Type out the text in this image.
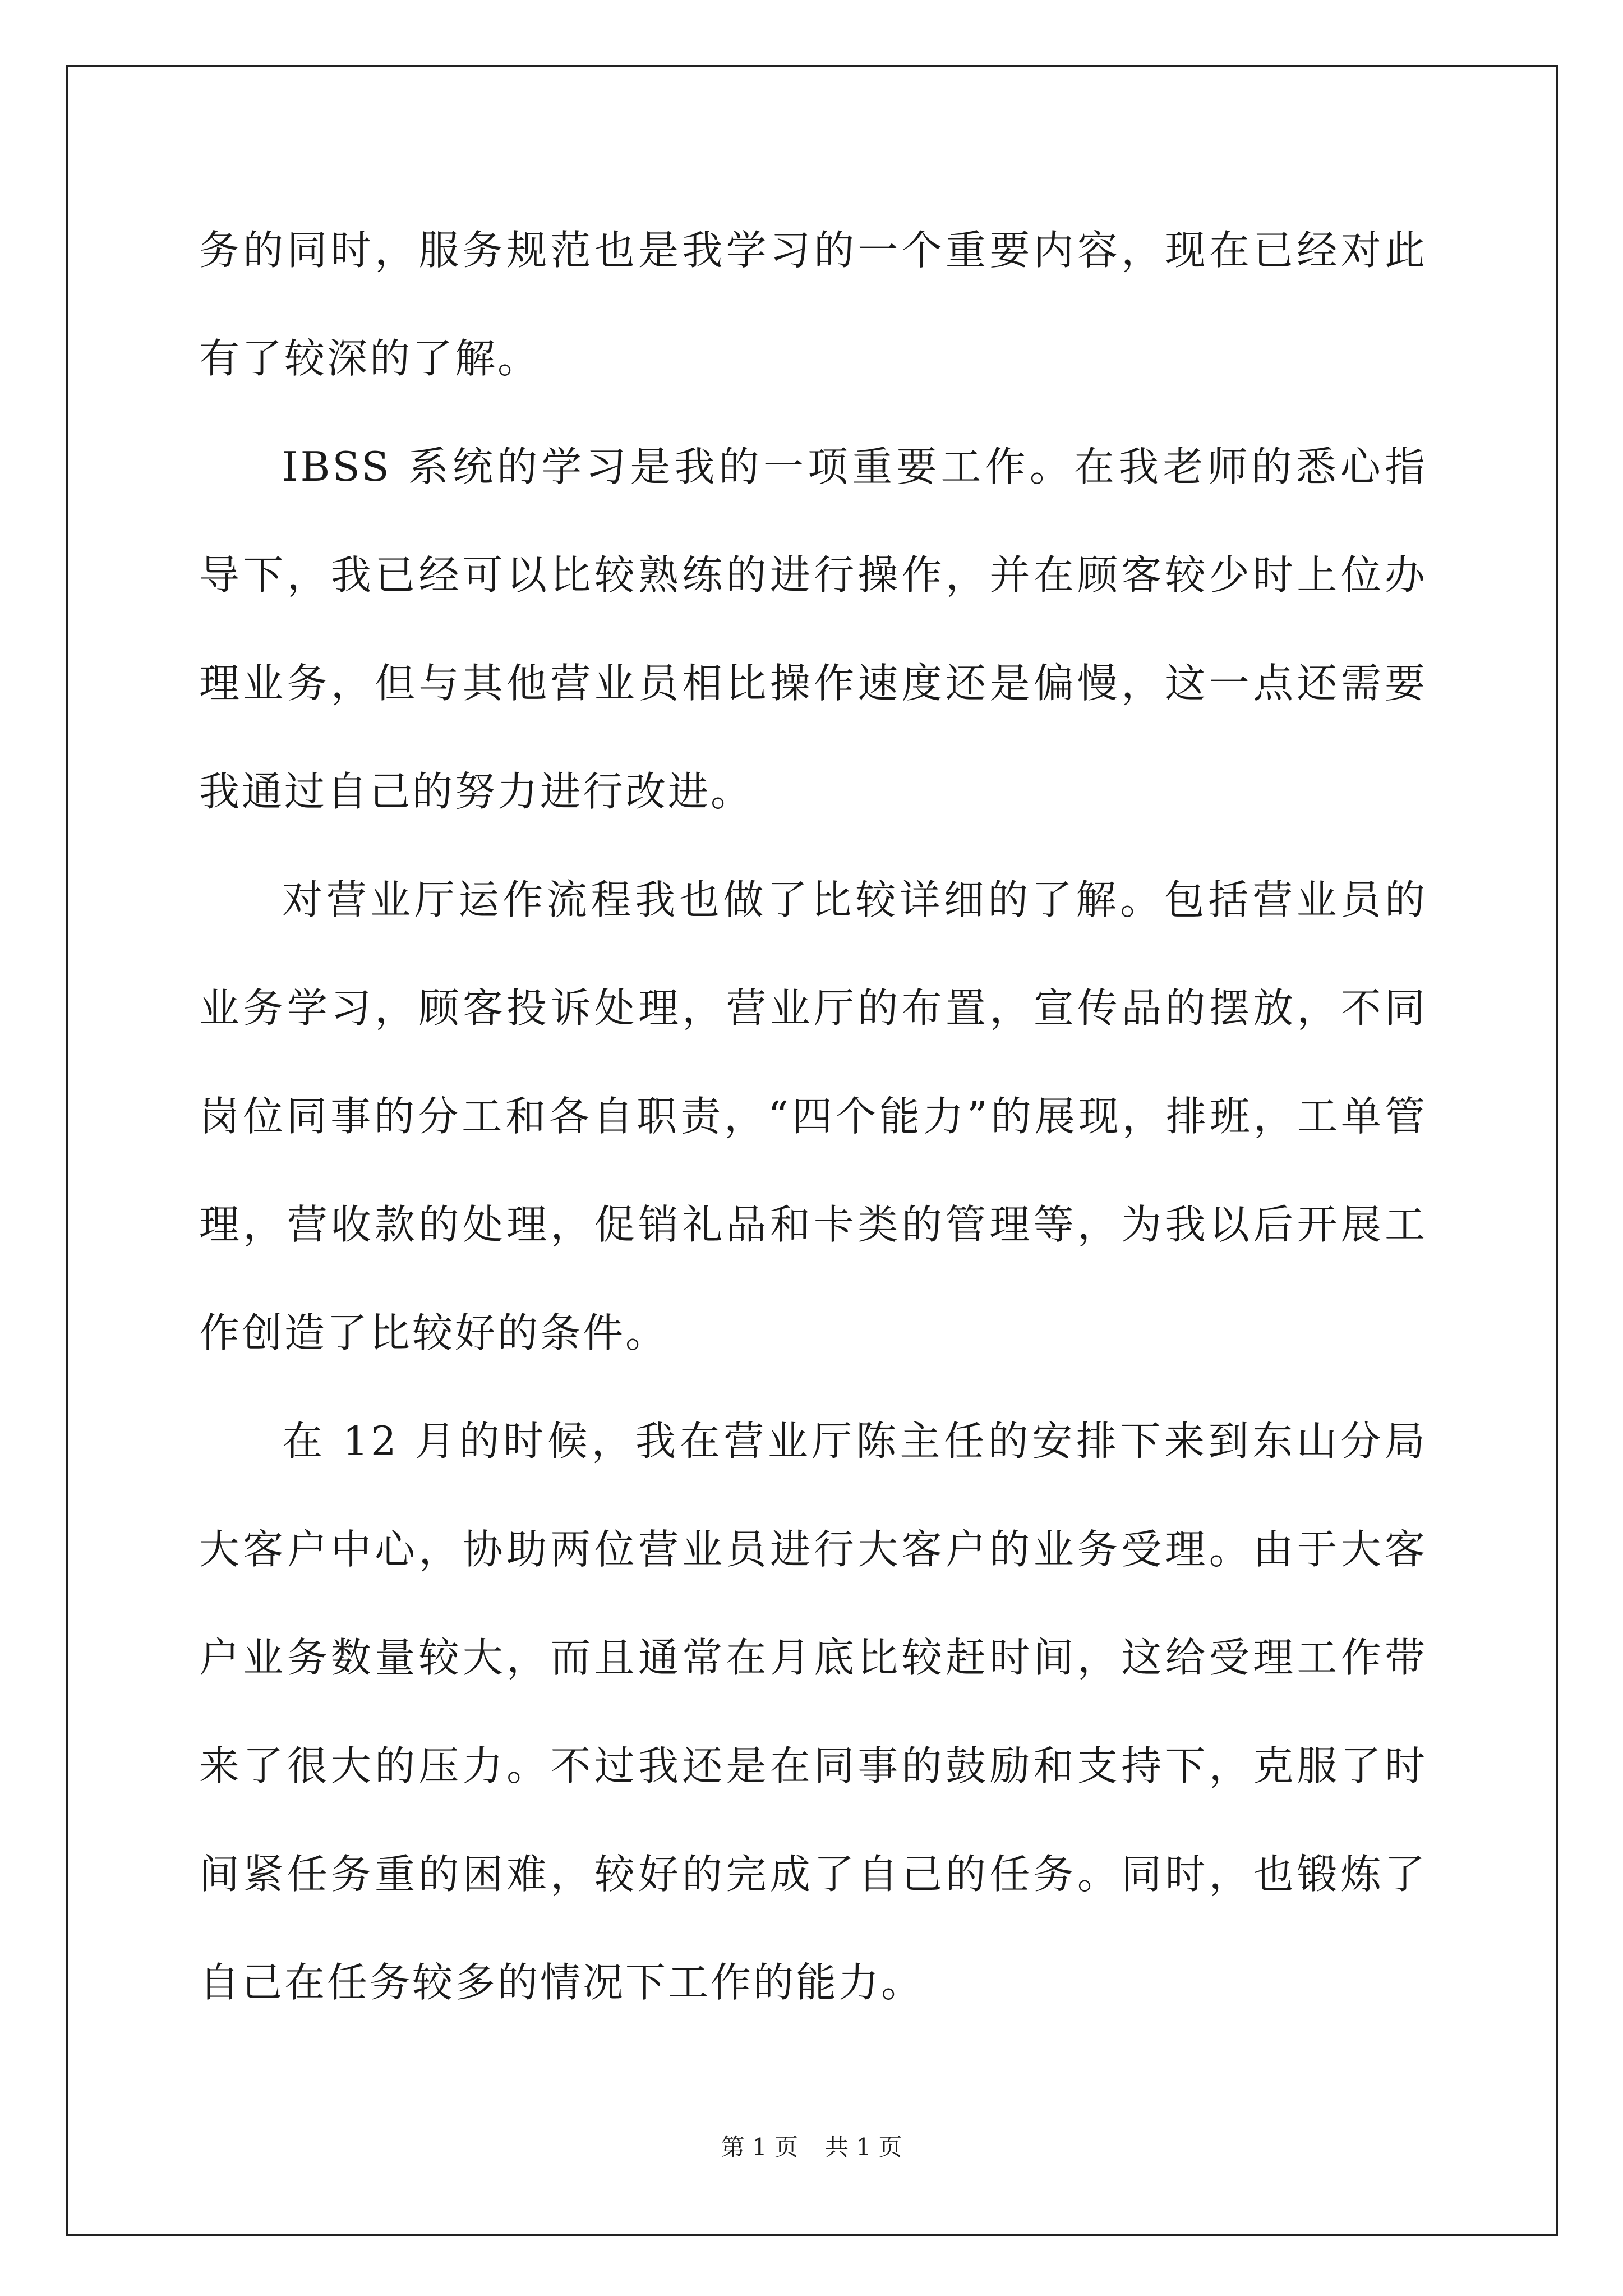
务的同时，服务规范也是我学习的一个重要内容，现在已经对此有了较深的了解。

IBSS 系统的学习是我的一项重要工作。在我老师的悉心指导下，我已经可以比较熟练的进行操作，并在顾客较少时上位办理业务，但与其他营业员相比操作速度还是偏慢，这一点还需要我通过自己的努力进行改进。

对营业厅运作流程我也做了比较详细的了解。包括营业员的业务学习，顾客投诉处理，营业厅的布置，宣传品的摆放，不同岗位同事的分工和各自职责，“四个能力”的展现，排班，工单管理，营收款的处理，促销礼品和卡类的管理等，为我以后开展工作创造了比较好的条件。

在 12 月的时候，我在营业厅陈主任的安排下来到东山分局大客户中心，协助两位营业员进行大客户的业务受理。由于大客户业务数量较大，而且通常在月底比较赶时间，这给受理工作带来了很大的压力。不过我还是在同事的鼓励和支持下，克服了时间紧任务重的困难，较好的完成了自己的任务。同时，也锻炼了自己在任务较多的情况下工作的能力。

第 1 页 共 1 页
